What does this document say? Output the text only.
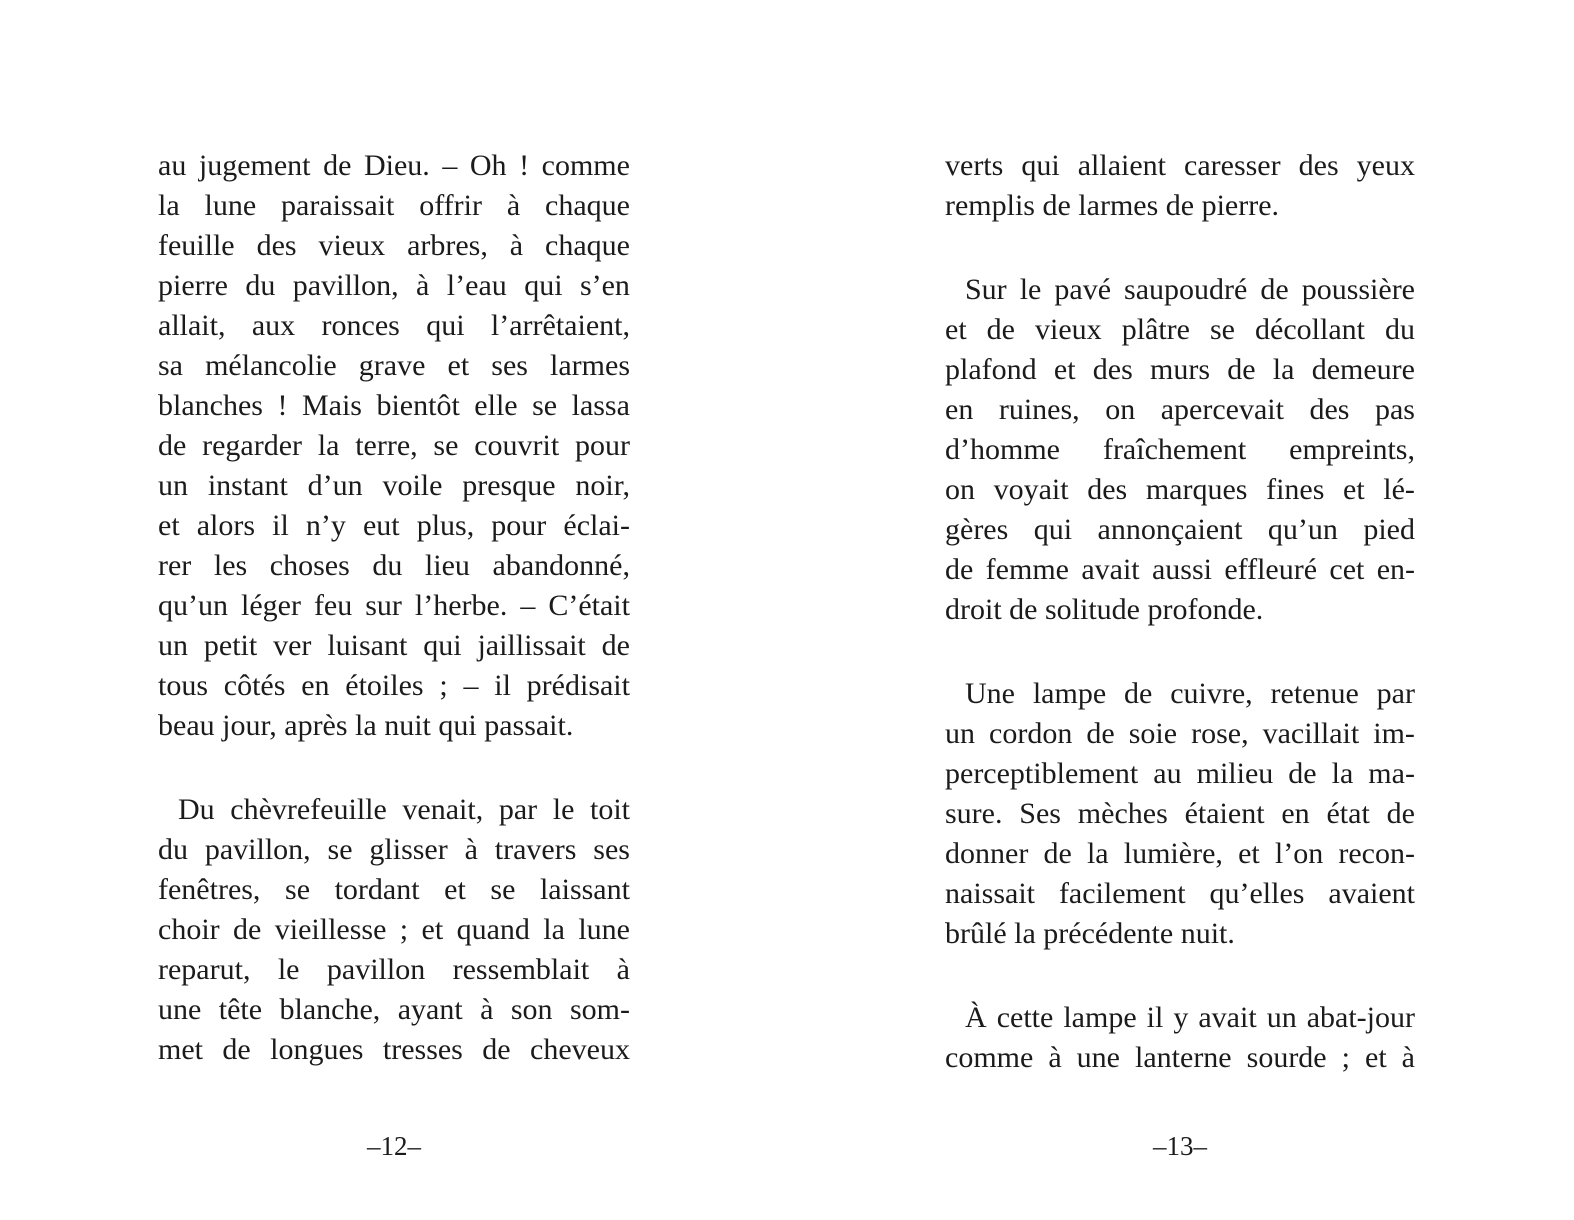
au jugement de Dieu. – Oh ! comme
la lune paraissait offrir à chaque
feuille des vieux arbres, à chaque
pierre du pavillon, à l’eau qui s’en
allait, aux ronces qui l’arrêtaient,
sa mélancolie grave et ses larmes
blanches ! Mais bientôt elle se lassa
de regarder la terre, se couvrit pour
un instant d’un voile presque noir,
et alors il n’y eut plus, pour éclai-
rer les choses du lieu abandonné,
qu’un léger feu sur l’herbe. – C’était
un petit ver luisant qui jaillissait de
tous côtés en étoiles ; – il prédisait
beau jour, après la nuit qui passait.
Du chèvrefeuille venait, par le toit
du pavillon, se glisser à travers ses
fenêtres, se tordant et se laissant
choir de vieillesse ; et quand la lune
reparut, le pavillon ressemblait à
une tête blanche, ayant à son som-
met de longues tresses de cheveux
–12–
verts qui allaient caresser des yeux
remplis de larmes de pierre.
Sur le pavé saupoudré de poussière
et de vieux plâtre se décollant du
plafond et des murs de la demeure
en ruines, on apercevait des pas
d’homme fraîchement empreints,
on voyait des marques fines et lé-
gères qui annonçaient qu’un pied
de femme avait aussi effleuré cet en-
droit de solitude profonde.
Une lampe de cuivre, retenue par
un cordon de soie rose, vacillait im-
perceptiblement au milieu de la ma-
sure. Ses mèches étaient en état de
donner de la lumière, et l’on recon-
naissait facilement qu’elles avaient
brûlé la précédente nuit.
À cette lampe il y avait un abat-jour
comme à une lanterne sourde ; et à
–13–
